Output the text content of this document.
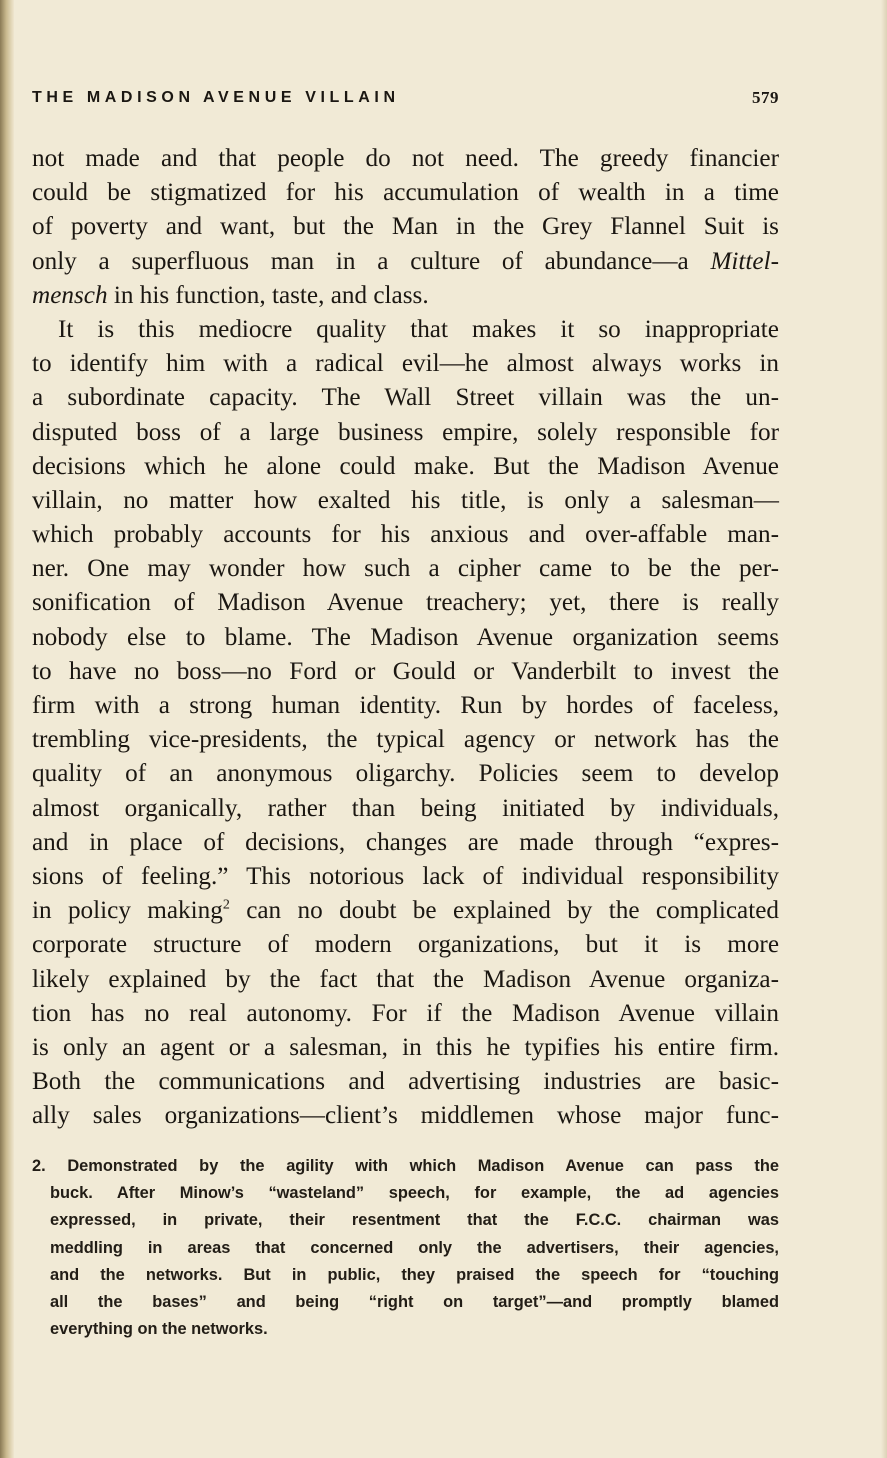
THE MADISON AVENUE VILLAIN	579
not made and that people do not need. The greedy financier
could be stigmatized for his accumulation of wealth in a time
of poverty and want, but the Man in the Grey Flannel Suit is
only a superfluous man in a culture of abundance—a Mittel-
mensch in his function, taste, and class.
It is this mediocre quality that makes it so inappropriate
to identify him with a radical evil—he almost always works in
a subordinate capacity. The Wall Street villain was the un-
disputed boss of a large business empire, solely responsible for
decisions which he alone could make. But the Madison Avenue
villain, no matter how exalted his title, is only a salesman—
which probably accounts for his anxious and over-affable man-
ner. One may wonder how such a cipher came to be the per-
sonification of Madison Avenue treachery; yet, there is really
nobody else to blame. The Madison Avenue organization seems
to have no boss—no Ford or Gould or Vanderbilt to invest the
firm with a strong human identity. Run by hordes of faceless,
trembling vice-presidents, the typical agency or network has the
quality of an anonymous oligarchy. Policies seem to develop
almost organically, rather than being initiated by individuals,
and in place of decisions, changes are made through “expres-
sions of feeling.” This notorious lack of individual responsibility
in policy making$^2$ can no doubt be explained by the complicated
corporate structure of modern organizations, but it is more
likely explained by the fact that the Madison Avenue organiza-
tion has no real autonomy. For if the Madison Avenue villain
is only an agent or a salesman, in this he typifies his entire firm.
Both the communications and advertising industries are basic-
ally sales organizations—client’s middlemen whose major func-
2. Demonstrated by the agility with which Madison Avenue can pass the
buck. After Minow’s “wasteland” speech, for example, the ad agencies
expressed, in private, their resentment that the F.C.C. chairman was
meddling in areas that concerned only the advertisers, their agencies,
and the networks. But in public, they praised the speech for “touching
all the bases” and being “right on target”—and promptly blamed
everything on the networks.
